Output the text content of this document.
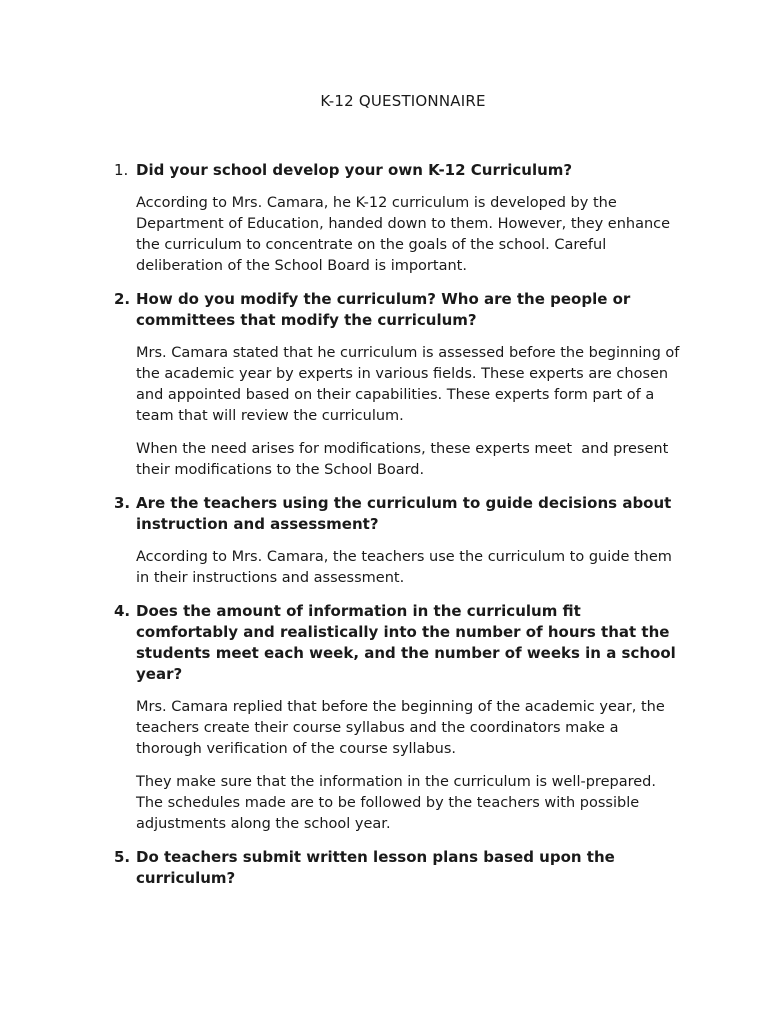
K-12 QUESTIONNAIRE
1. Did your school develop your own K-12 Curriculum?

According to Mrs. Camara, he K-12 curriculum is developed by the Department of Education, handed down to them. However, they enhance the curriculum to concentrate on the goals of the school. Careful deliberation of the School Board is important.

2. How do you modify the curriculum? Who are the people or committees that modify the curriculum?

Mrs. Camara stated that he curriculum is assessed before the beginning of the academic year by experts in various fields. These experts are chosen and appointed based on their capabilities. These experts form part of a team that will review the curriculum.

When the need arises for modifications, these experts meet  and present their modifications to the School Board.

3. Are the teachers using the curriculum to guide decisions about instruction and assessment?

According to Mrs. Camara, the teachers use the curriculum to guide them in their instructions and assessment.

4. Does the amount of information in the curriculum fit comfortably and realistically into the number of hours that the students meet each week, and the number of weeks in a school year?

Mrs. Camara replied that before the beginning of the academic year, the teachers create their course syllabus and the coordinators make a thorough verification of the course syllabus.

They make sure that the information in the curriculum is well-prepared. The schedules made are to be followed by the teachers with possible adjustments along the school year.

5. Do teachers submit written lesson plans based upon the curriculum?
